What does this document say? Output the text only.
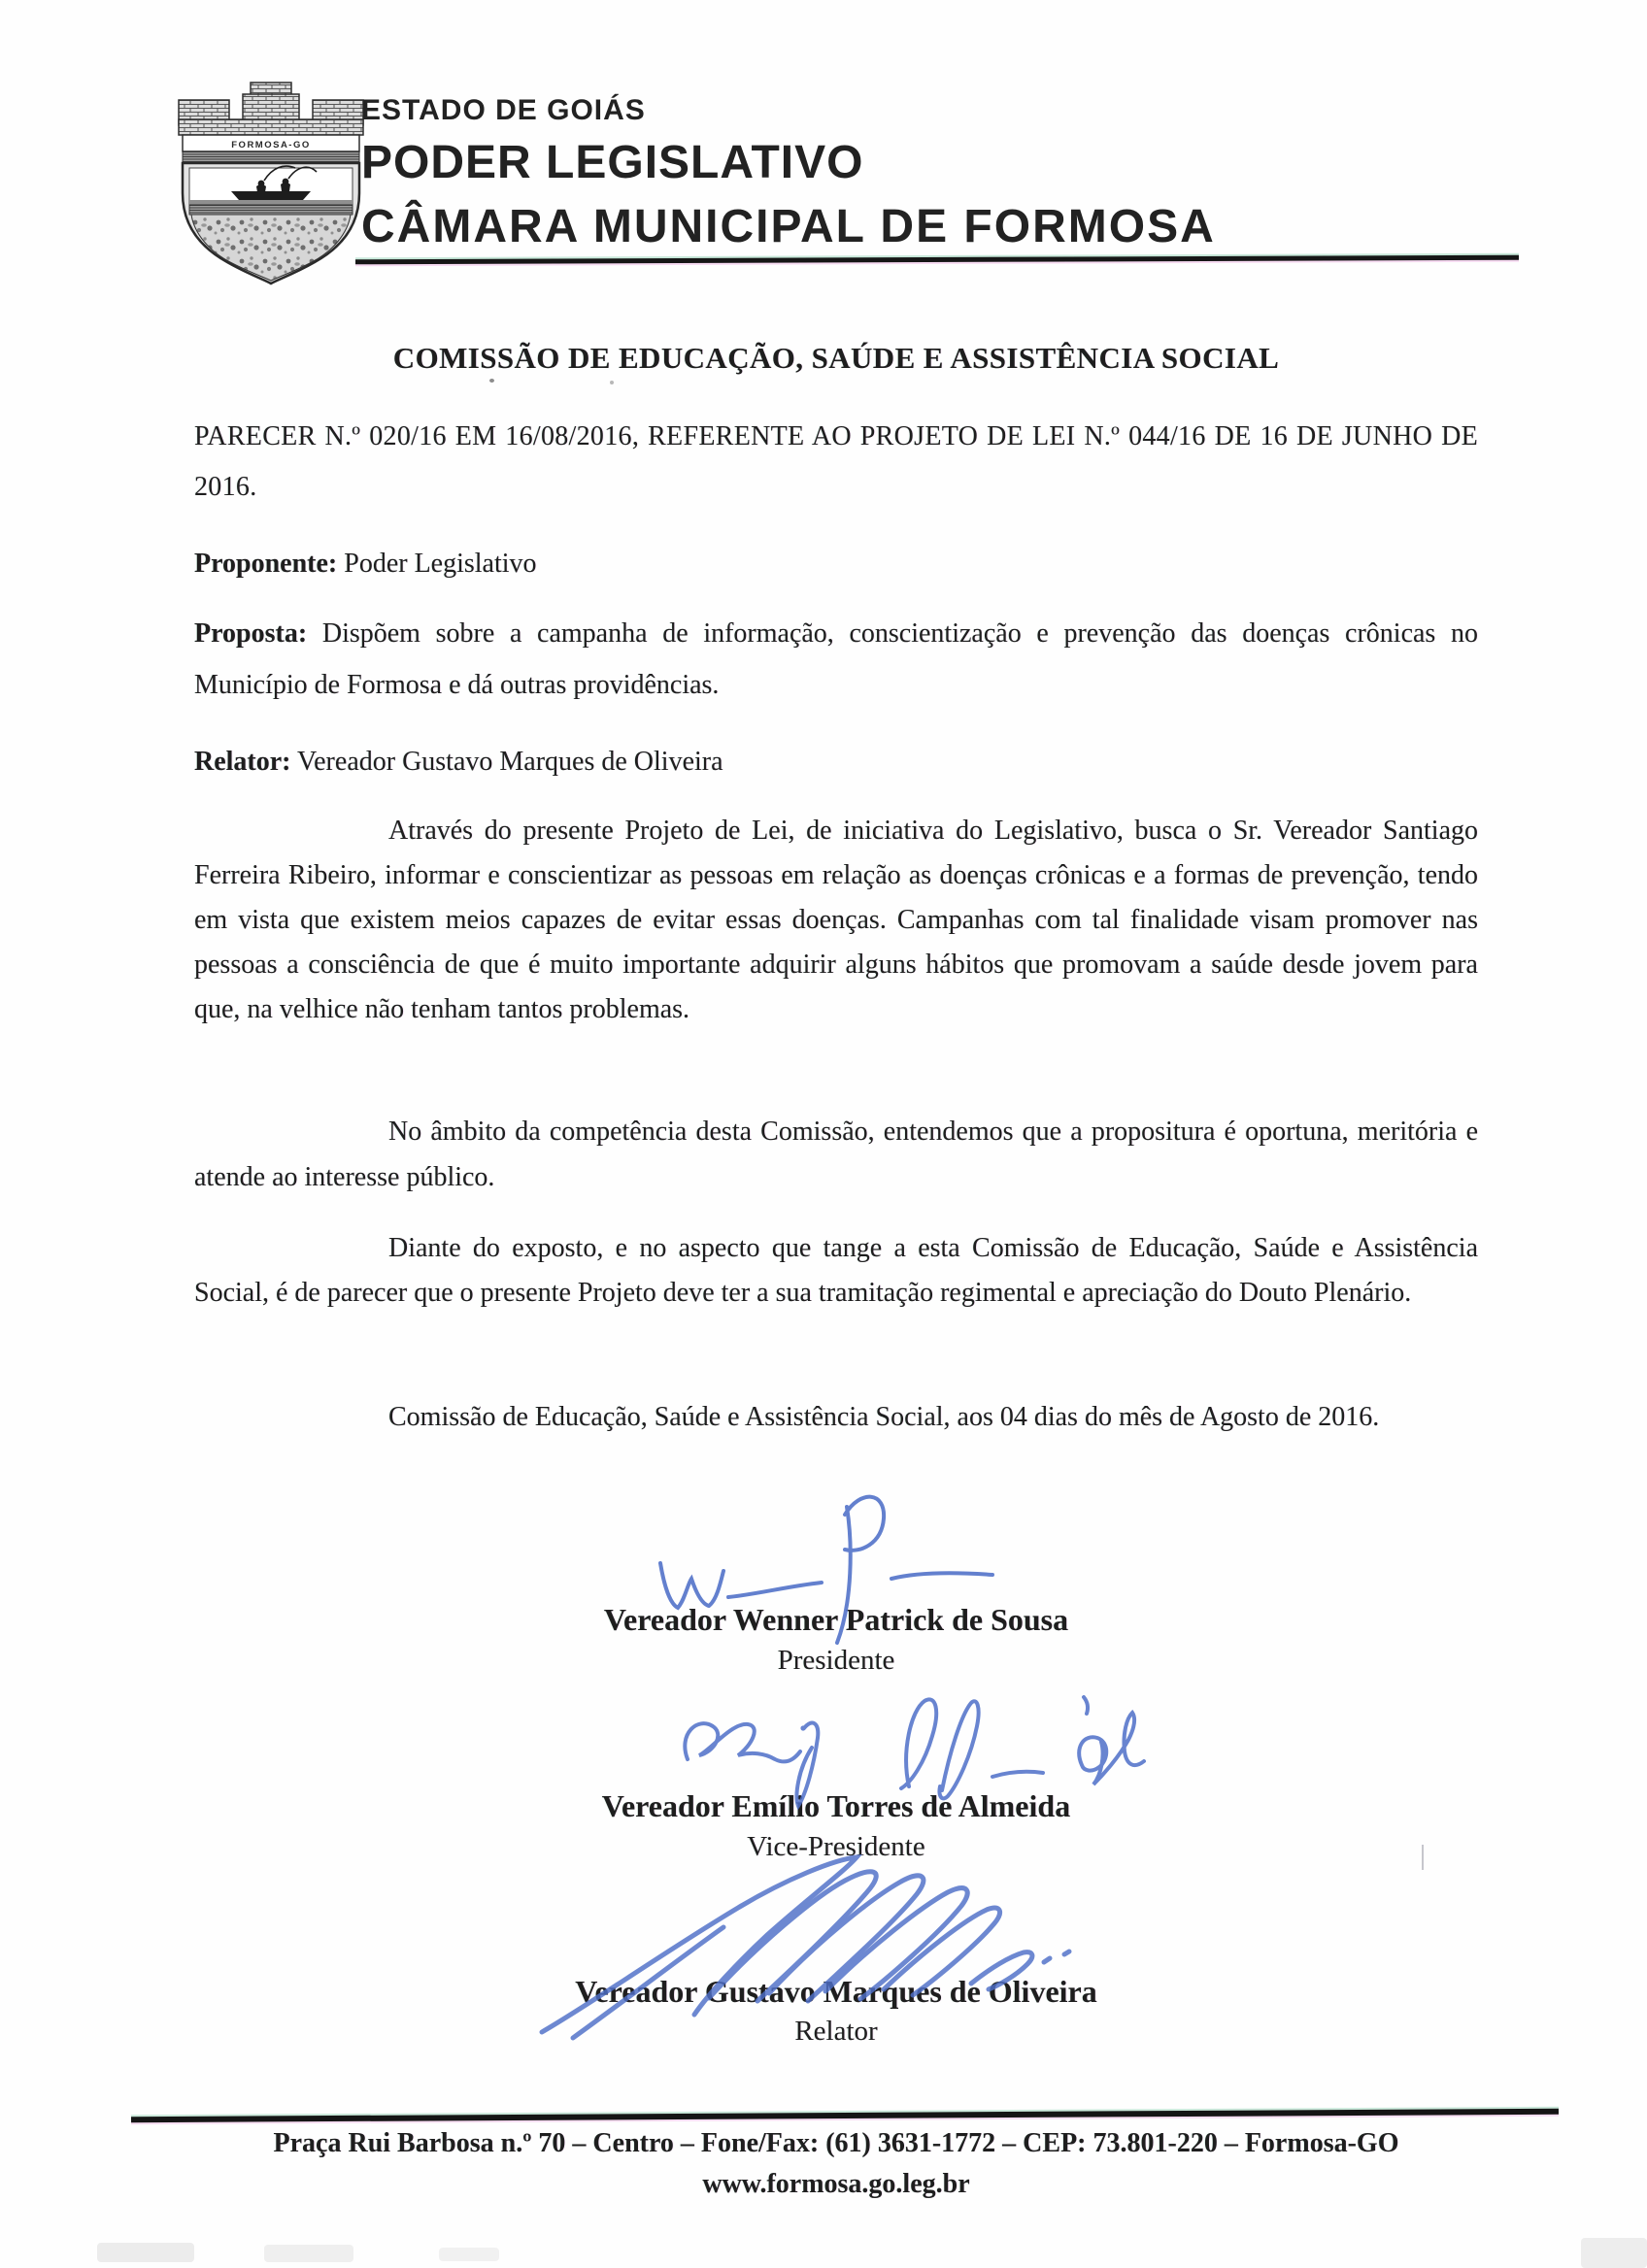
FORMOSA-GO
ESTADO DE GOIÁS
PODER LEGISLATIVO
CÂMARA MUNICIPAL DE FORMOSA
COMISSÃO DE EDUCAÇÃO, SAÚDE E ASSISTÊNCIA SOCIAL
PARECER N.º 020/16 EM 16/08/2016, REFERENTE AO PROJETO DE LEI N.º 044/16 DE 16 DE JUNHO DE 2016.
Proponente: Poder Legislativo
Proposta: Dispõem sobre a campanha de informação, conscientização e prevenção das doenças crônicas no Município de Formosa e dá outras providências.
Relator: Vereador Gustavo Marques de Oliveira
Através do presente Projeto de Lei, de iniciativa do Legislativo, busca o Sr. Vereador Santiago Ferreira Ribeiro, informar e conscientizar as pessoas em relação as doenças crônicas e a formas de prevenção, tendo em vista que existem meios capazes de evitar essas doenças. Campanhas com tal finalidade visam promover nas pessoas a consciência de que é muito importante adquirir alguns hábitos que promovam a saúde desde jovem para que, na velhice não tenham tantos problemas.
No âmbito da competência desta Comissão, entendemos que a propositura é oportuna, meritória e atende ao interesse público.
Diante do exposto, e no aspecto que tange a esta Comissão de Educação, Saúde e Assistência Social, é de parecer que o presente Projeto deve ter a sua tramitação regimental e apreciação do Douto Plenário.
Comissão de Educação, Saúde e Assistência Social, aos 04 dias do mês de Agosto de 2016.
Vereador Wenner Patrick de Sousa
Presidente
Vereador Emílio Torres de Almeida
Vice-Presidente
Vereador Gustavo Marques de Oliveira
Relator
Praça Rui Barbosa n.º 70 – Centro – Fone/Fax: (61) 3631-1772 – CEP: 73.801-220 – Formosa-GO
www.formosa.go.leg.br
